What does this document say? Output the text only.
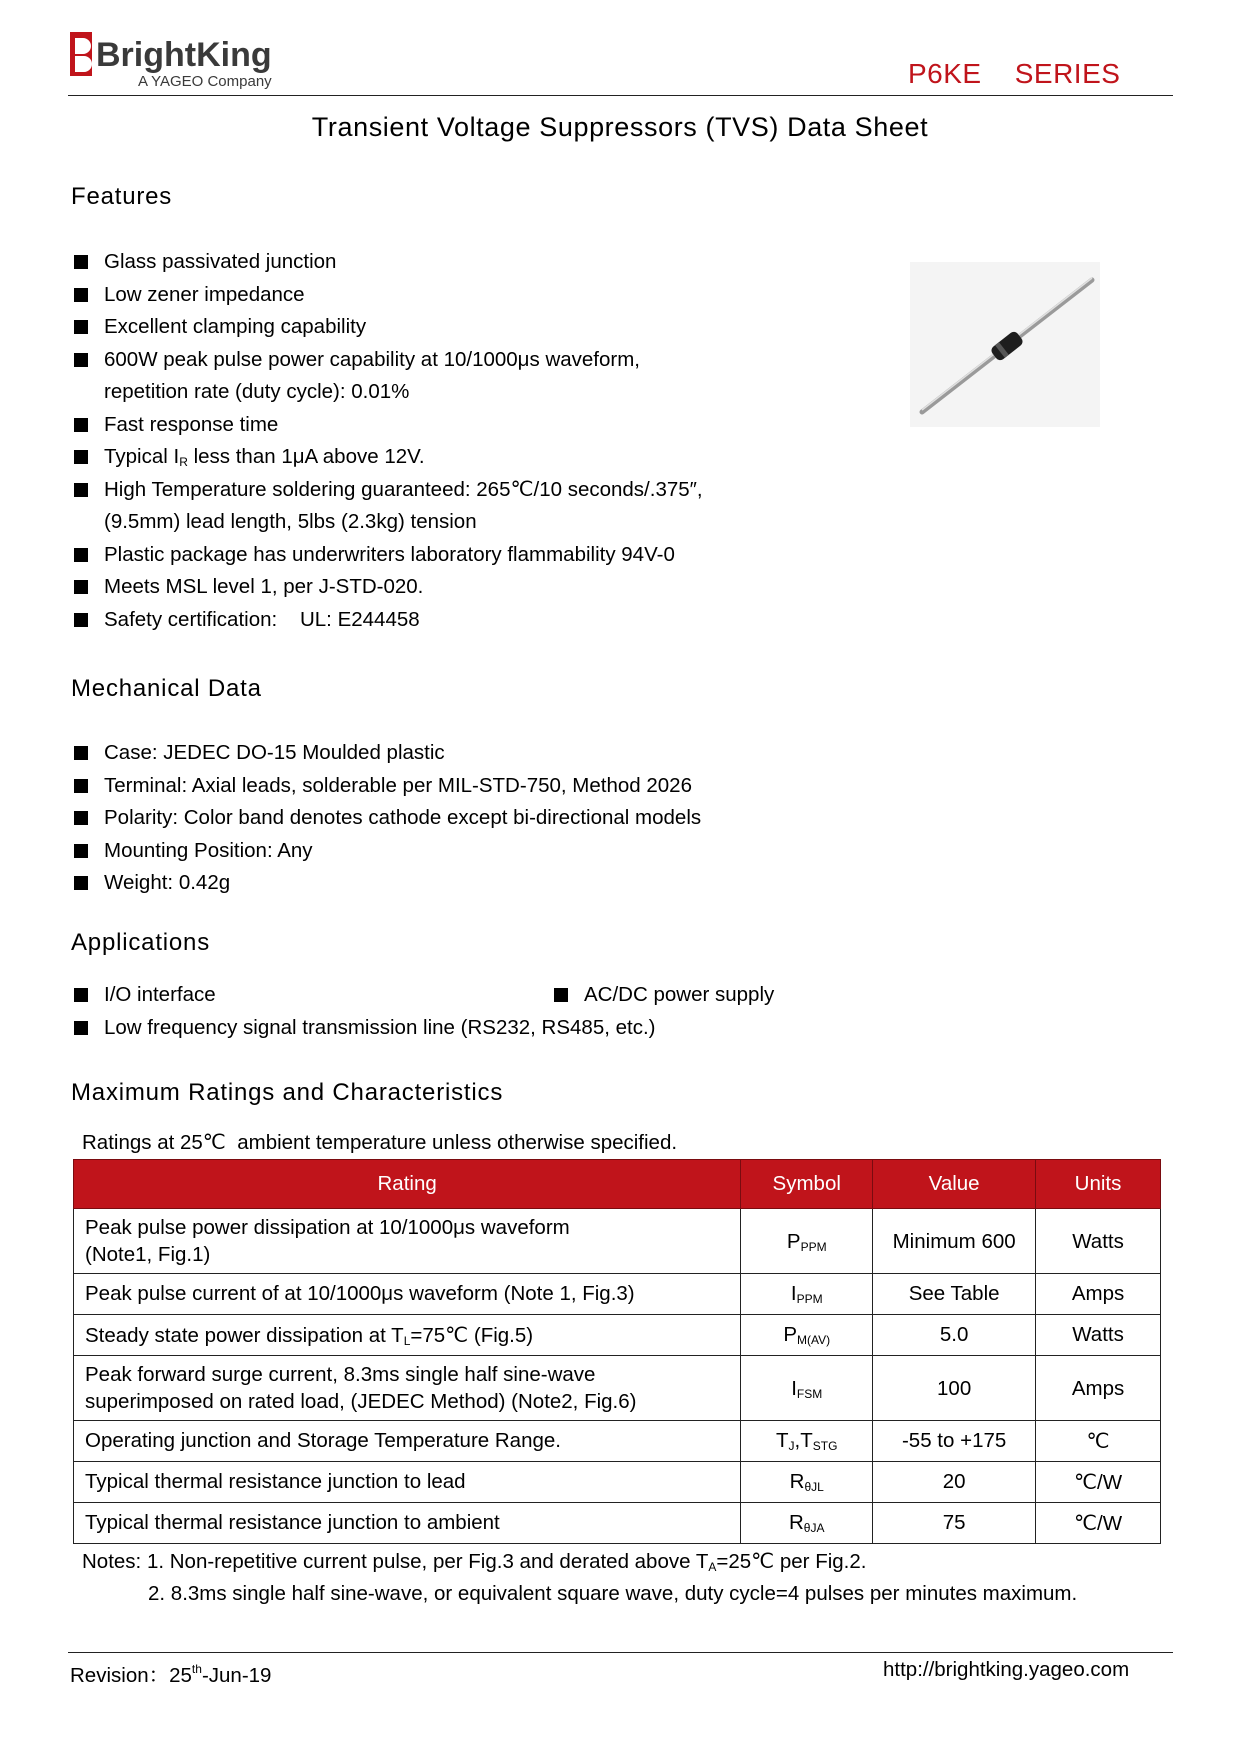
BrightKing
A YAGEO Company	P6KE    SERIES
Transient Voltage Suppressors (TVS) Data Sheet
Features
Glass passivated junction
Low zener impedance
Excellent clamping capability
600W peak pulse power capability at 10/1000μs waveform,
repetition rate (duty cycle): 0.01%
Fast response time
Typical $I_R$ less than 1μA above 12V.
High Temperature soldering guaranteed: 265℃/10 seconds/.375″,
(9.5mm) lead length, 5lbs (2.3kg) tension
Plastic package has underwriters laboratory flammability 94V-0
Meets MSL level 1, per J-STD-020.
Safety certification:    UL: E244458
Mechanical Data
Case: JEDEC DO-15 Moulded plastic
Terminal: Axial leads, solderable per MIL-STD-750, Method 2026
Polarity: Color band denotes cathode except bi-directional models
Mounting Position: Any
Weight: 0.42g
Applications
I/O interface
Low frequency signal transmission line (RS232, RS485, etc.)
AC/DC power supply
Maximum Ratings and Characteristics
Ratings at 25℃  ambient temperature unless otherwise specified.
Rating	Symbol	Value	Units
Peak pulse power dissipation at 10/1000μs waveform
(Note1, Fig.1)	$P_{PPM}$	Minimum 600	Watts
Peak pulse current of at 10/1000μs waveform (Note 1, Fig.3)	$I_{PPM}$	See Table	Amps
Steady state power dissipation at $T_L=75℃$ (Fig.5)	$P_{M(AV)}$	5.0	Watts
Peak forward surge current, 8.3ms single half sine-wave
superimposed on rated load, (JEDEC Method) (Note2, Fig.6)	$I_{FSM}$	100	Amps
Operating junction and Storage Temperature Range.	$T_J,T_{STG}$	-55 to +175	℃
Typical thermal resistance junction to lead	$R_{\theta JL}$	20	℃/W
Typical thermal resistance junction to ambient	$R_{\theta JA}$	75	℃/W
Notes: 1. Non-repetitive current pulse, per Fig.3 and derated above $T_A=25℃$ per Fig.2.
2. 8.3ms single half sine-wave, or equivalent square wave, duty cycle=4 pulses per minutes maximum.
Revision：25th-Jun-19	http://brightking.yageo.com
